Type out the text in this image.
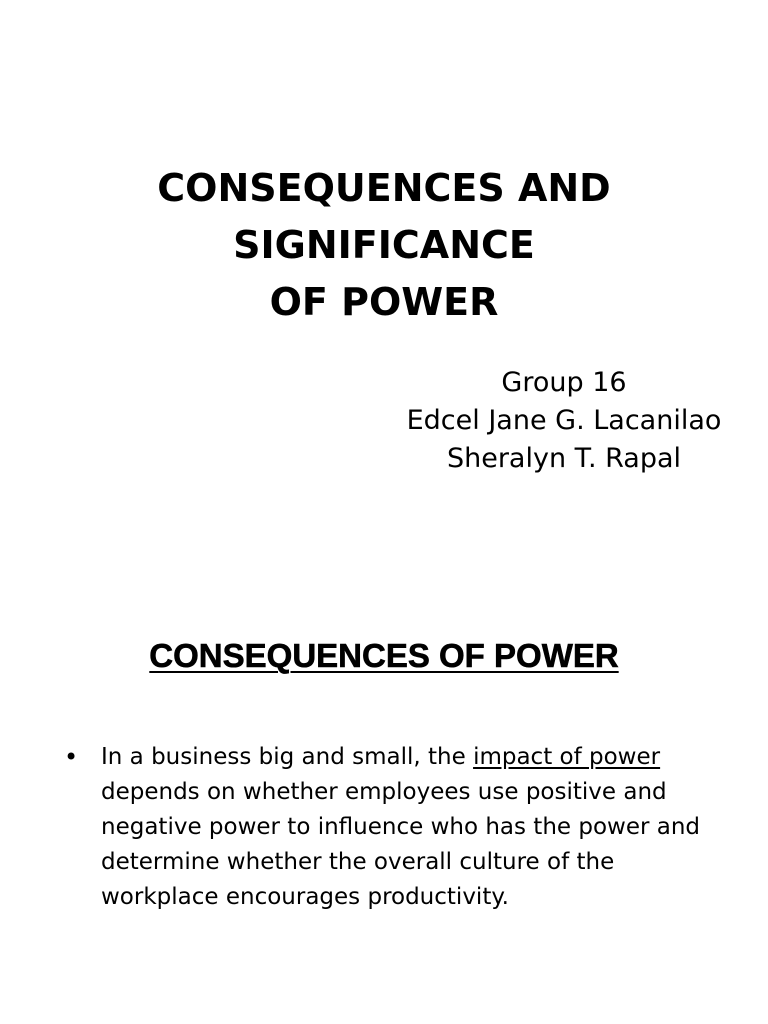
CONSEQUENCES AND
SIGNIFICANCE
OF POWER
Group 16
Edcel Jane G. Lacanilao
Sheralyn T. Rapal
CONSEQUENCES OF POWER
• In a business big and small, the impact of power depends on whether employees use positive and negative power to influence who has the power and determine whether the overall culture of the workplace encourages productivity.
